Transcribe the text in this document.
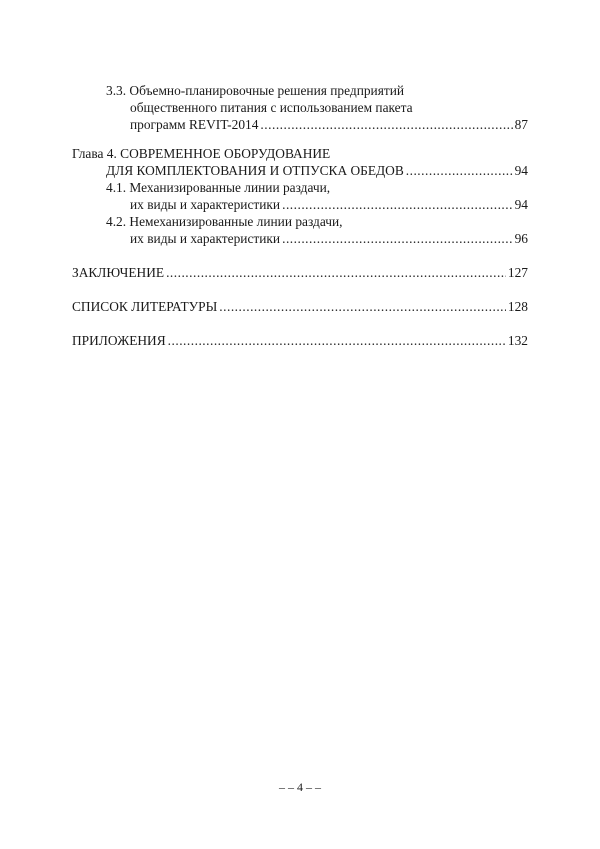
3.3. Объемно-планировочные решения предприятий
общественного питания с использованием пакета
программ REVIT-2014 .....	87
Глава 4. СОВРЕМЕННОЕ ОБОРУДОВАНИЕ
ДЛЯ КОМПЛЕКТОВАНИЯ И ОТПУСКА ОБЕДОВ .....	94
4.1. Механизированные линии раздачи,
их виды и характеристики .....	94
4.2. Немеханизированные линии раздачи,
их виды и характеристики .....	96
ЗАКЛЮЧЕНИЕ .....	127
СПИСОК ЛИТЕРАТУРЫ .....	128
ПРИЛОЖЕНИЯ .....	132
– – 4 – –
